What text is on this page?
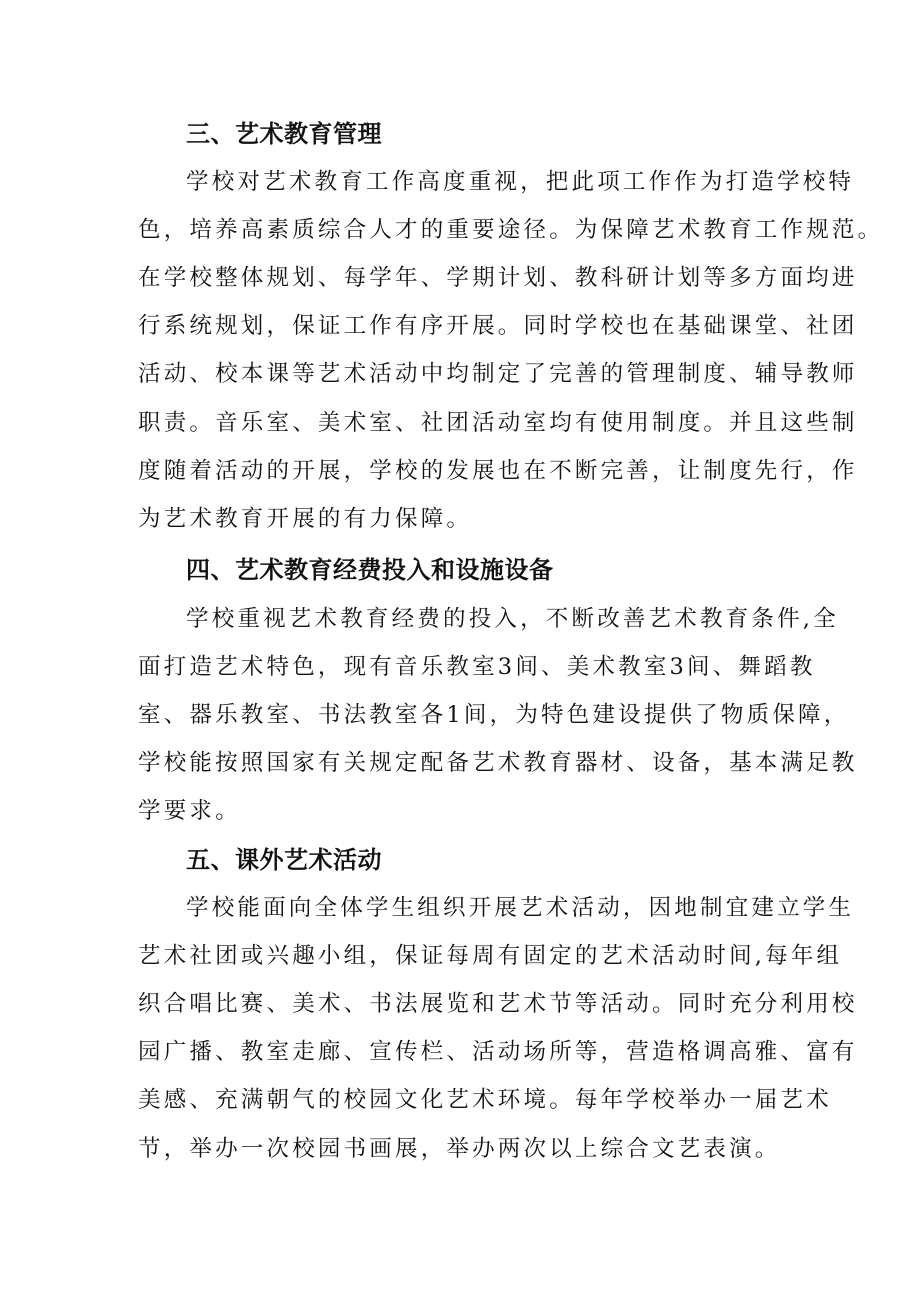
三、艺术教育管理
学校对艺术教育工作高度重视，把此项工作作为打造学校特
色，培养高素质综合人才的重要途径。为保障艺术教育工作规范。
在学校整体规划、每学年、学期计划、教科研计划等多方面均进
行系统规划，保证工作有序开展。同时学校也在基础课堂、社团
活动、校本课等艺术活动中均制定了完善的管理制度、辅导教师
职责。音乐室、美术室、社团活动室均有使用制度。并且这些制
度随着活动的开展，学校的发展也在不断完善，让制度先行，作
为艺术教育开展的有力保障。
四、艺术教育经费投入和设施设备
学校重视艺术教育经费的投入，不断改善艺术教育条件,全
面打造艺术特色，现有音乐教室3间、美术教室3间、舞蹈教
室、器乐教室、书法教室各1间，为特色建设提供了物质保障，
学校能按照国家有关规定配备艺术教育器材、设备，基本满足教
学要求。
五、课外艺术活动
学校能面向全体学生组织开展艺术活动，因地制宜建立学生
艺术社团或兴趣小组，保证每周有固定的艺术活动时间,每年组
织合唱比赛、美术、书法展览和艺术节等活动。同时充分利用校
园广播、教室走廊、宣传栏、活动场所等，营造格调高雅、富有
美感、充满朝气的校园文化艺术环境。每年学校举办一届艺术
节，举办一次校园书画展，举办两次以上综合文艺表演。
